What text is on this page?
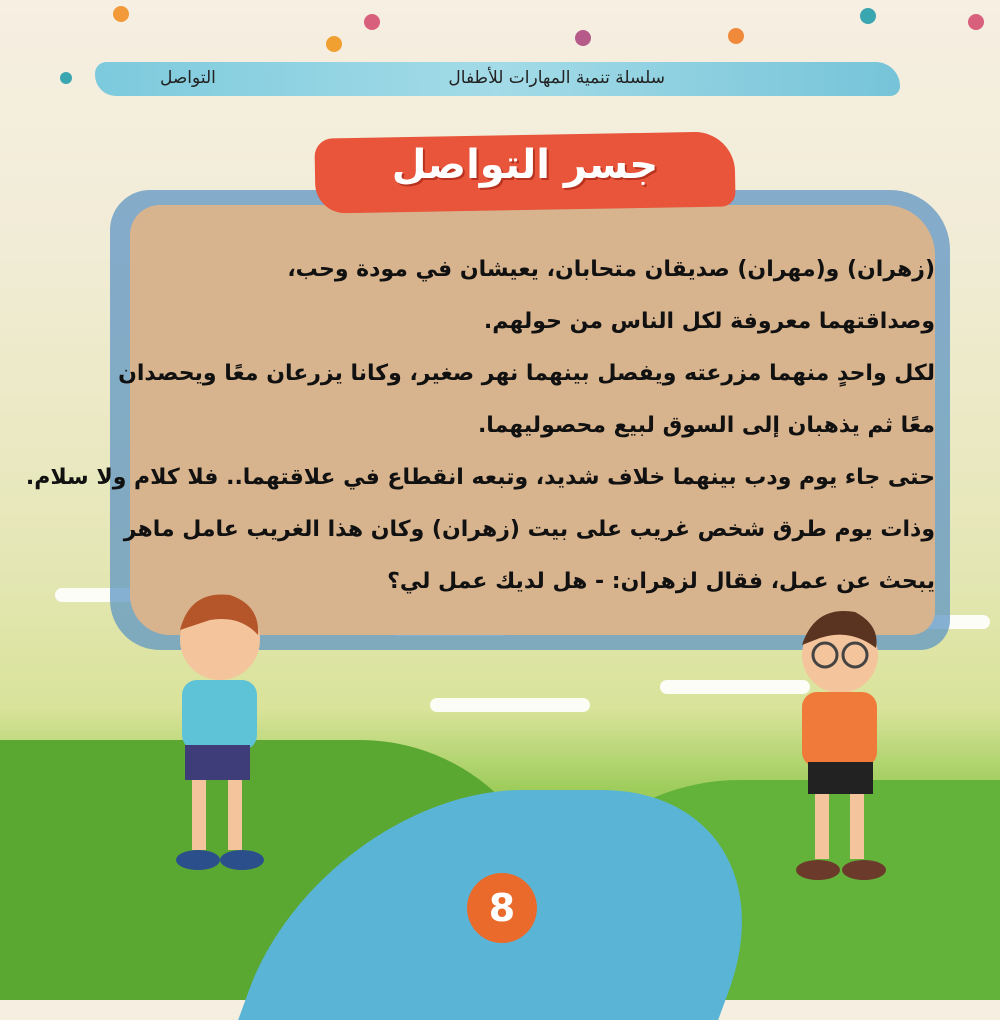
سلسلة تنمية المهارات للأطفال
التواصل
جسر التواصل
(زهران) و(مهران) صديقان متحابان، يعيشان في مودة وحب،
وصداقتهما معروفة لكل الناس من حولهم.
لكل واحدٍ منهما مزرعته ويفصل بينهما نهر صغير، وكانا يزرعان معًا ويحصدان
معًا ثم يذهبان إلى السوق لبيع محصوليهما.
حتى جاء يوم ودب بينهما خلاف شديد، وتبعه انقطاع في علاقتهما.. فلا كلام ولا سلام.
وذات يوم طرق شخص غريب على بيت (زهران) وكان هذا الغريب عامل ماهر
يبحث عن عمل، فقال لزهران: - هل لديك عمل لي؟
8
